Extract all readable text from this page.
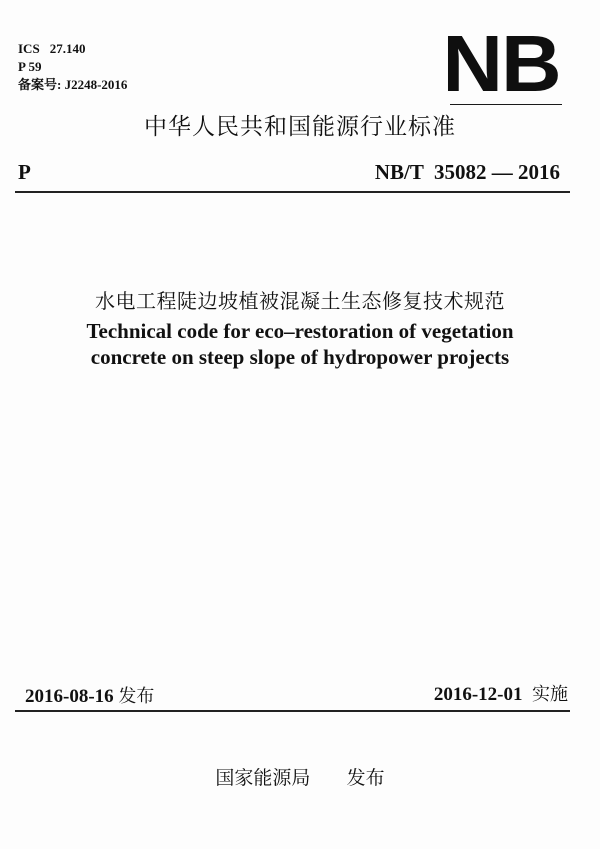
ICS 27.140
P 59
备案号: J2248-2016	NB
中华人民共和国能源行业标准
P	NB/T  35082 — 2016
水电工程陡边坡植被混凝土生态修复技术规范
Technical code for eco–restoration of vegetation
concrete on steep slope of hydropower projects
2016-08-16 发布	2016-12-01 实施
国家能源局 发布
